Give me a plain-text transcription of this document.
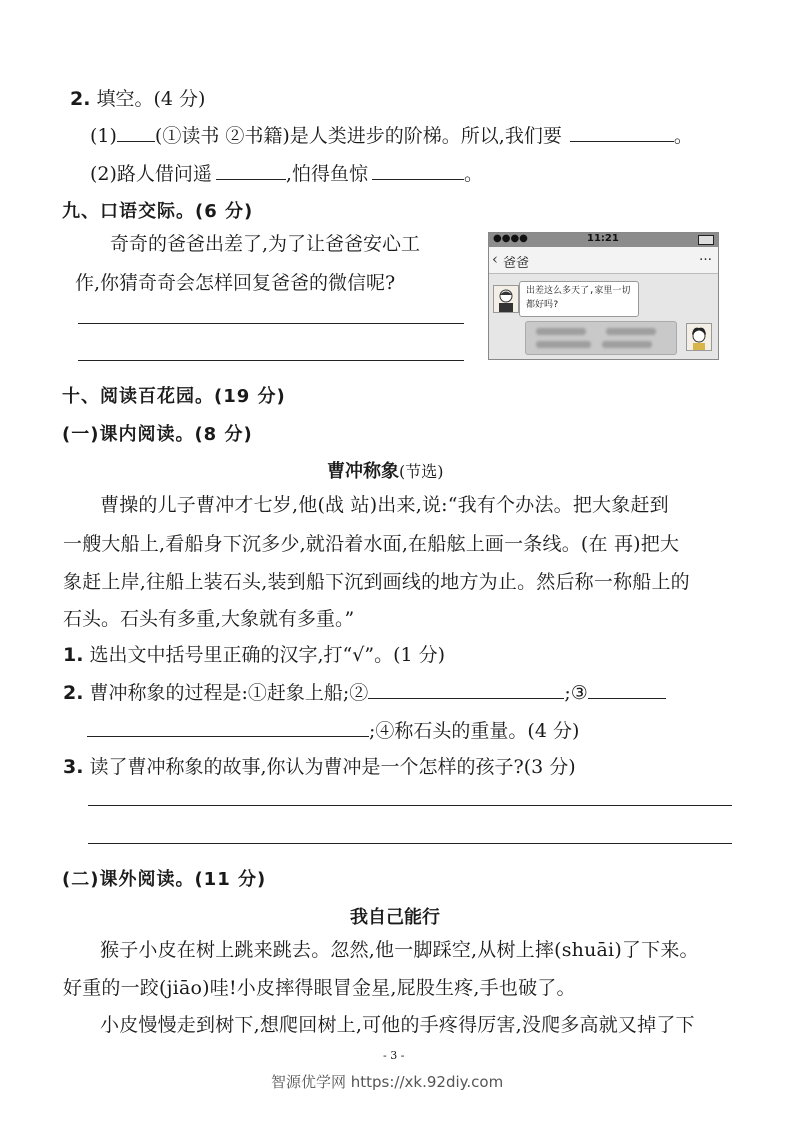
2. 填空。(4 分)
(1) (①读书 ②书籍)是人类进步的阶梯。所以,我们要	。
(2)路人借问遥	,怕得鱼惊	。
九、口语交际。(6 分)
奇奇的爸爸出差了,为了让爸爸安心工
作,你猜奇奇会怎样回复爸爸的微信呢?
●●●●	11:21
‹ 爸爸	…
出差这么多天了,家里一切都好吗?
十、阅读百花园。(19 分)
(一)课内阅读。(8 分)
曹冲称象(节选)
曹操的儿子曹冲才七岁,他(战 站)出来,说:“我有个办法。把大象赶到
一艘大船上,看船身下沉多少,就沿着水面,在船舷上画一条线。(在 再)把大
象赶上岸,往船上装石头,装到船下沉到画线的地方为止。然后称一称船上的
石头。石头有多重,大象就有多重。”
1. 选出文中括号里正确的汉字,打“√”。(1 分)
2. 曹冲称象的过程是:①赶象上船;②	;③
;④称石头的重量。(4 分)
3. 读了曹冲称象的故事,你认为曹冲是一个怎样的孩子?(3 分)
(二)课外阅读。(11 分)
我自己能行
猴子小皮在树上跳来跳去。忽然,他一脚踩空,从树上摔(shuāi)了下来。
好重的一跤(jiāo)哇!小皮摔得眼冒金星,屁股生疼,手也破了。
小皮慢慢走到树下,想爬回树上,可他的手疼得厉害,没爬多高就又掉了下
- 3 -
智源优学网 https://xk.92diy.com
